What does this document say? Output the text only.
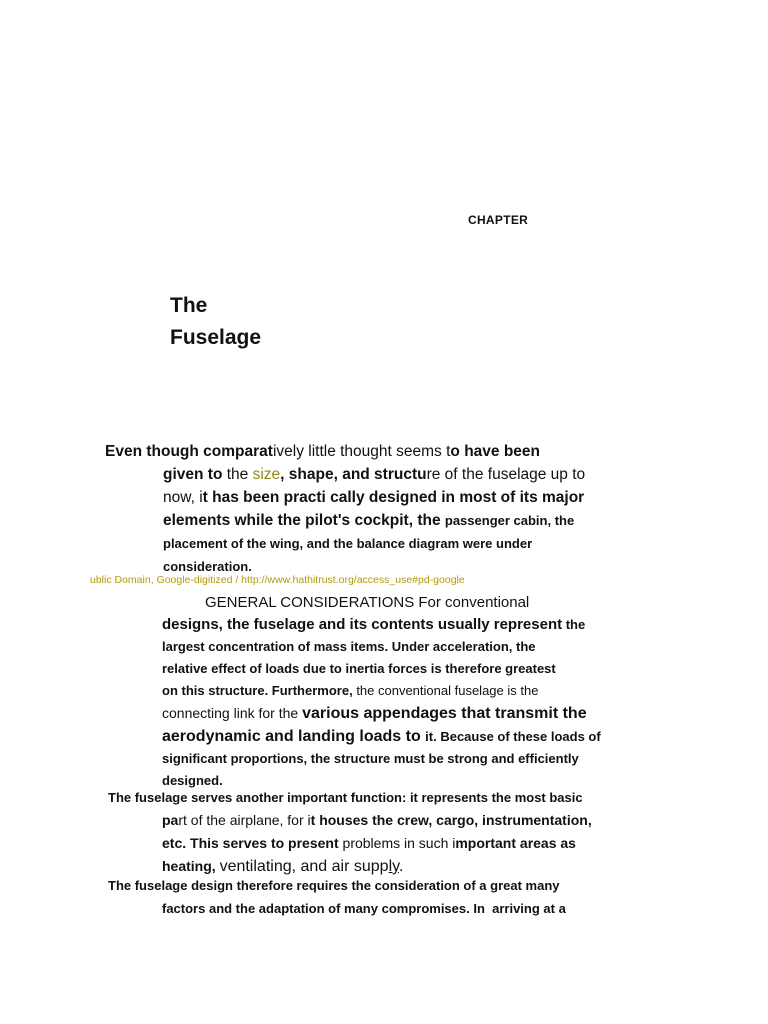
CHAPTER
The
Fuselage
Even though comparatively little thought seems to have been
given to the size, shape, and structure of the fuselage up to
now, it has been practi cally designed in most of its major
elements while the pilot's cockpit, the passenger cabin, the
placement of the wing, and the balance diagram were under
consideration.
ublic Domain, Google-digitized / http://www.hathitrust.org/access_use#pd-google
GENERAL CONSIDERATIONS For conventional
designs, the fuselage and its contents usually represent the
largest concentration of mass items. Under acceleration, the
relative effect of loads due to inertia forces is therefore greatest
on this structure. Furthermore, the conventional fuselage is the
connecting link for the various appendages that transmit the
aerodynamic and landing loads to it. Because of these loads of
significant proportions, the structure must be strong and efficiently
designed.
The fuselage serves another important function: it represents the most basic
part of the airplane, for it houses the crew, cargo, instrumentation,
etc. This serves to present problems in such important areas as
heating, ventilating, and air supply.
The fuselage design therefore requires the consideration of a great many
factors and the adaptation of many compromises. In  arriving at a
